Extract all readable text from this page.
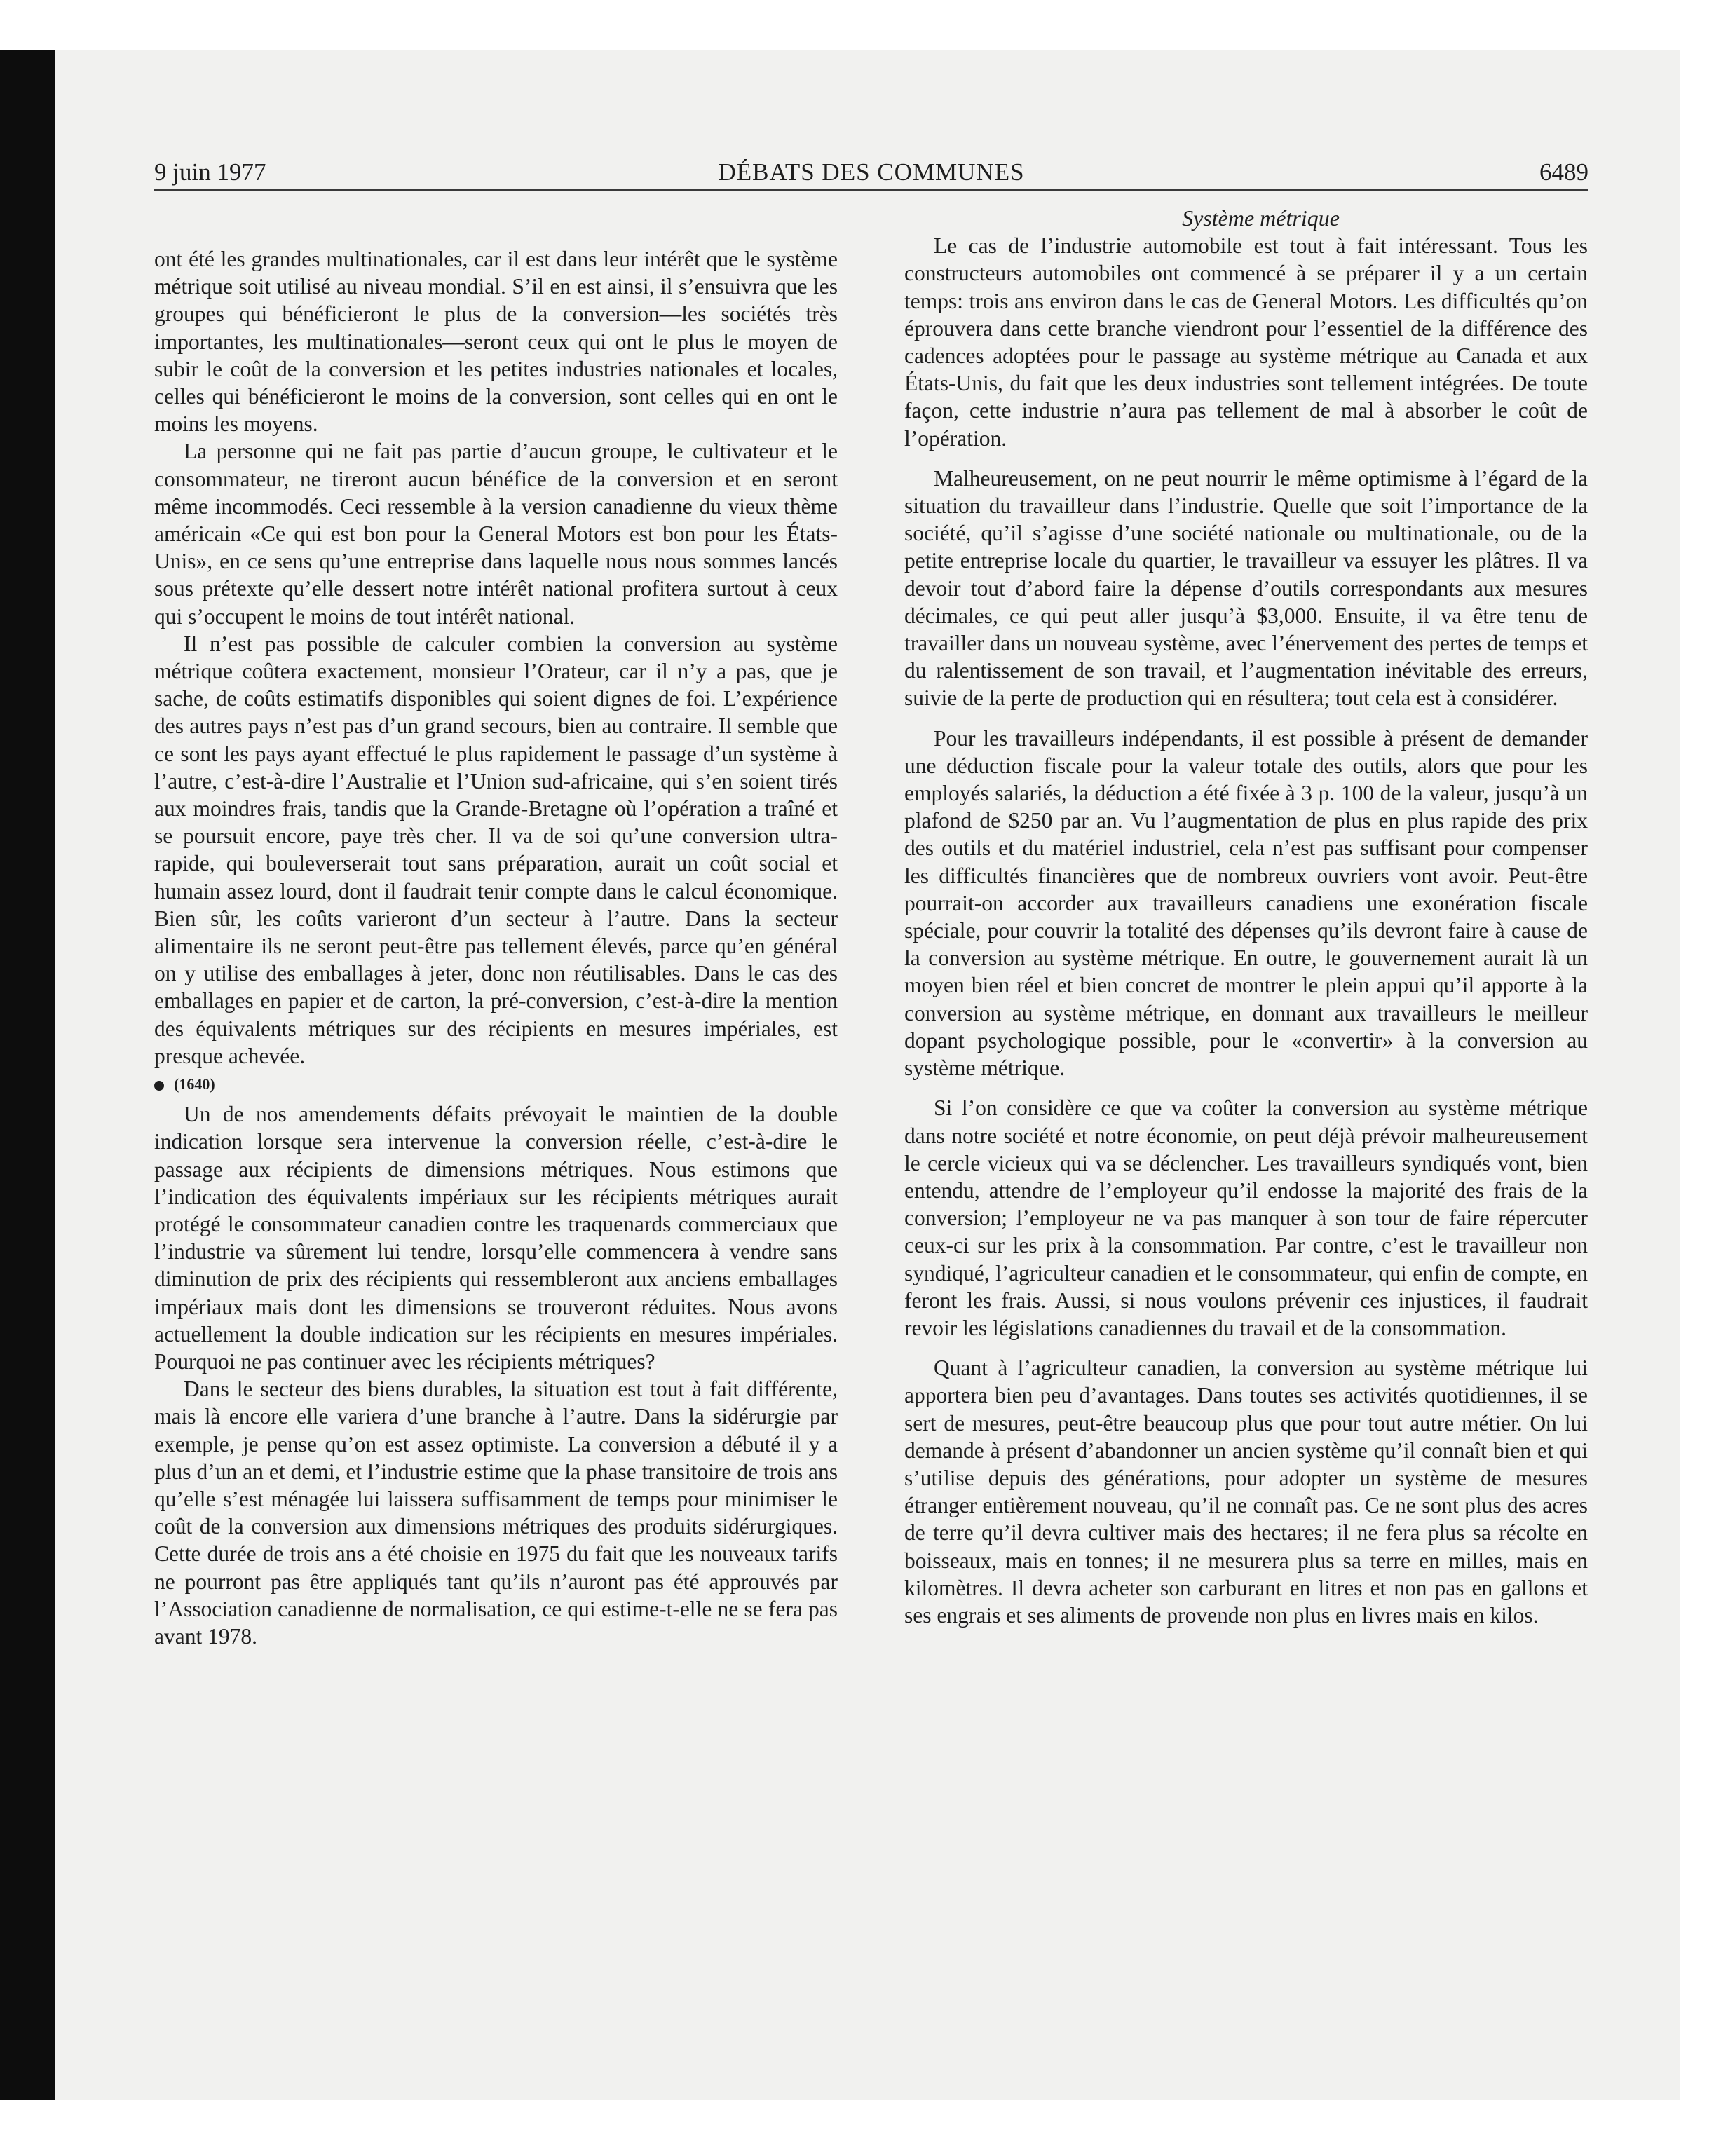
9 juin 1977	DÉBATS DES COMMUNES	6489

ont été les grandes multinationales, car il est dans leur intérêt que le système métrique soit utilisé au niveau mondial. S’il en est ainsi, il s’ensuivra que les groupes qui bénéficieront le plus de la conversion—les sociétés très importantes, les multinationales—seront ceux qui ont le plus le moyen de subir le coût de la conversion et les petites industries nationales et locales, celles qui bénéficieront le moins de la conversion, sont celles qui en ont le moins les moyens.

La personne qui ne fait pas partie d’aucun groupe, le cultivateur et le consommateur, ne tireront aucun bénéfice de la conversion et en seront même incommodés. Ceci ressemble à la version canadienne du vieux thème américain «Ce qui est bon pour la General Motors est bon pour les États-Unis», en ce sens qu’une entreprise dans laquelle nous nous sommes lancés sous prétexte qu’elle dessert notre intérêt national profitera surtout à ceux qui s’occupent le moins de tout intérêt national.

Il n’est pas possible de calculer combien la conversion au système métrique coûtera exactement, monsieur l’Orateur, car il n’y a pas, que je sache, de coûts estimatifs disponibles qui soient dignes de foi. L’expérience des autres pays n’est pas d’un grand secours, bien au contraire. Il semble que ce sont les pays ayant effectué le plus rapidement le passage d’un système à l’autre, c’est-à-dire l’Australie et l’Union sud-africaine, qui s’en soient tirés aux moindres frais, tandis que la Grande-Bretagne où l’opération a traîné et se poursuit encore, paye très cher. Il va de soi qu’une conversion ultra-rapide, qui bouleverserait tout sans préparation, aurait un coût social et humain assez lourd, dont il faudrait tenir compte dans le calcul économique. Bien sûr, les coûts varieront d’un secteur à l’autre. Dans la secteur alimentaire ils ne seront peut-être pas tellement élevés, parce qu’en général on y utilise des emballages à jeter, donc non réutilisables. Dans le cas des emballages en papier et de carton, la pré-conversion, c’est-à-dire la mention des équivalents métriques sur des récipients en mesures impériales, est presque achevée.

(1640)

Un de nos amendements défaits prévoyait le maintien de la double indication lorsque sera intervenue la conversion réelle, c’est-à-dire le passage aux récipients de dimensions métriques. Nous estimons que l’indication des équivalents impériaux sur les récipients métriques aurait protégé le consommateur canadien contre les traquenards commerciaux que l’industrie va sûrement lui tendre, lorsqu’elle commencera à vendre sans diminution de prix des récipients qui ressembleront aux anciens emballages impériaux mais dont les dimensions se trouveront réduites. Nous avons actuellement la double indication sur les récipients en mesures impériales. Pourquoi ne pas continuer avec les récipients métriques?

Dans le secteur des biens durables, la situation est tout à fait différente, mais là encore elle variera d’une branche à l’autre. Dans la sidérurgie par exemple, je pense qu’on est assez optimiste. La conversion a débuté il y a plus d’un an et demi, et l’industrie estime que la phase transitoire de trois ans qu’elle s’est ménagée lui laissera suffisamment de temps pour minimiser le coût de la conversion aux dimensions métriques des produits sidérurgiques. Cette durée de trois ans a été choisie en 1975 du fait que les nouveaux tarifs ne pourront pas être appliqués tant qu’ils n’auront pas été approuvés par l’Association canadienne de normalisation, ce qui estime-t-elle ne se fera pas avant 1978.

Système métrique

Le cas de l’industrie automobile est tout à fait intéressant. Tous les constructeurs automobiles ont commencé à se préparer il y a un certain temps: trois ans environ dans le cas de General Motors. Les difficultés qu’on éprouvera dans cette branche viendront pour l’essentiel de la différence des cadences adoptées pour le passage au système métrique au Canada et aux États-Unis, du fait que les deux industries sont tellement intégrées. De toute façon, cette industrie n’aura pas tellement de mal à absorber le coût de l’opération.

Malheureusement, on ne peut nourrir le même optimisme à l’égard de la situation du travailleur dans l’industrie. Quelle que soit l’importance de la société, qu’il s’agisse d’une société nationale ou multinationale, ou de la petite entreprise locale du quartier, le travailleur va essuyer les plâtres. Il va devoir tout d’abord faire la dépense d’outils correspondants aux mesures décimales, ce qui peut aller jusqu’à $3,000. Ensuite, il va être tenu de travailler dans un nouveau système, avec l’énervement des pertes de temps et du ralentissement de son travail, et l’augmentation inévitable des erreurs, suivie de la perte de production qui en résultera; tout cela est à considérer.

Pour les travailleurs indépendants, il est possible à présent de demander une déduction fiscale pour la valeur totale des outils, alors que pour les employés salariés, la déduction a été fixée à 3 p. 100 de la valeur, jusqu’à un plafond de $250 par an. Vu l’augmentation de plus en plus rapide des prix des outils et du matériel industriel, cela n’est pas suffisant pour compenser les difficultés financières que de nombreux ouvriers vont avoir. Peut-être pourrait-on accorder aux travailleurs canadiens une exonération fiscale spéciale, pour couvrir la totalité des dépenses qu’ils devront faire à cause de la conversion au système métrique. En outre, le gouvernement aurait là un moyen bien réel et bien concret de montrer le plein appui qu’il apporte à la conversion au système métrique, en donnant aux travailleurs le meilleur dopant psychologique possible, pour le «convertir» à la conversion au système métrique.

Si l’on considère ce que va coûter la conversion au système métrique dans notre société et notre économie, on peut déjà prévoir malheureusement le cercle vicieux qui va se déclencher. Les travailleurs syndiqués vont, bien entendu, attendre de l’employeur qu’il endosse la majorité des frais de la conversion; l’employeur ne va pas manquer à son tour de faire répercuter ceux-ci sur les prix à la consommation. Par contre, c’est le travailleur non syndiqué, l’agriculteur canadien et le consommateur, qui enfin de compte, en feront les frais. Aussi, si nous voulons prévenir ces injustices, il faudrait revoir les législations canadiennes du travail et de la consommation.

Quant à l’agriculteur canadien, la conversion au système métrique lui apportera bien peu d’avantages. Dans toutes ses activités quotidiennes, il se sert de mesures, peut-être beaucoup plus que pour tout autre métier. On lui demande à présent d’abandonner un ancien système qu’il connaît bien et qui s’utilise depuis des générations, pour adopter un système de mesures étranger entièrement nouveau, qu’il ne connaît pas. Ce ne sont plus des acres de terre qu’il devra cultiver mais des hectares; il ne fera plus sa récolte en boisseaux, mais en tonnes; il ne mesurera plus sa terre en milles, mais en kilomètres. Il devra acheter son carburant en litres et non pas en gallons et ses engrais et ses aliments de provende non plus en livres mais en kilos.
